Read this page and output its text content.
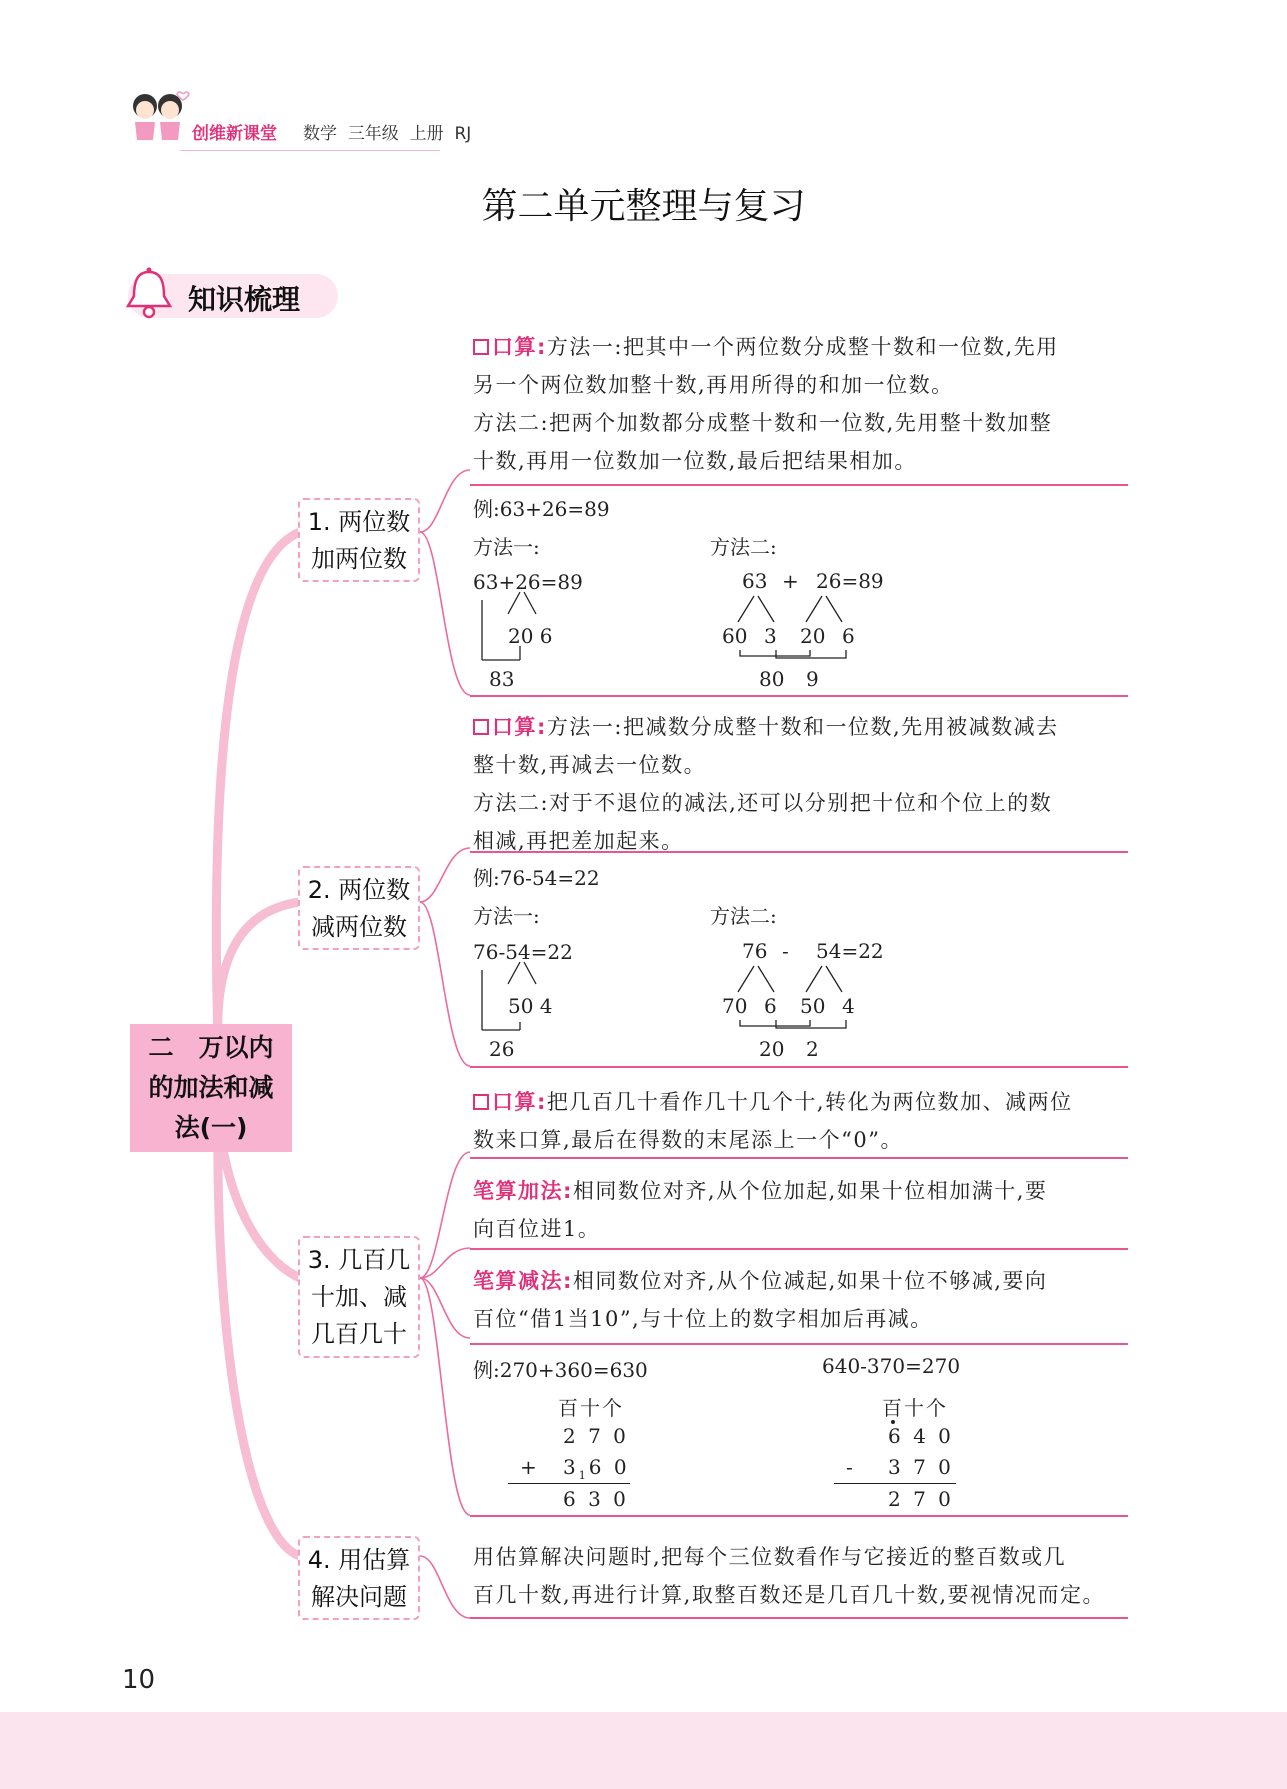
创维新课堂 数学 三年级 上册 RJ
第二单元整理与复习
知识梳理
二　万以内
的加法和减
法(一)
1. 两位数
加两位数
2. 两位数
减两位数
3. 几百几
十加、减
几百几十
4. 用估算
解决问题
口算:方法一:把其中一个两位数分成整十数和一位数,先用
另一个两位数加整十数,再用所得的和加一位数。
方法二:把两个加数都分成整十数和一位数,先用整十数加整
十数,再用一位数加一位数,最后把结果相加。
例:63+26=89
方法一:	方法二:
63+26=89
20 6
83
63 + 26=89
60 3 20 6
80 9
口算:方法一:把减数分成整十数和一位数,先用被减数减去
整十数,再减去一位数。
方法二:对于不退位的减法,还可以分别把十位和个位上的数
相减,再把差加起来。
例:76-54=22
方法一:	方法二:
76-54=22
50 4
26
76 - 54=22
70 6 50 4
20 2
口算:把几百几十看作几十几个十,转化为两位数加、减两位
数来口算,最后在得数的末尾添上一个“0”。
笔算加法:相同数位对齐,从个位加起,如果十位相加满十,要
向百位进1。
笔算减法:相同数位对齐,从个位减起,如果十位不够减,要向
百位“借1当10”,与十位上的数字相加后再减。
例:270+360=630	640-370=270
百十个
2 7 0
+ $3_16$ 0
6 3 0
百十个
6 4 0
- 3 7 0
2 7 0
用估算解决问题时,把每个三位数看作与它接近的整百数或几
百几十数,再进行计算,取整百数还是几百几十数,要视情况而定。
10
